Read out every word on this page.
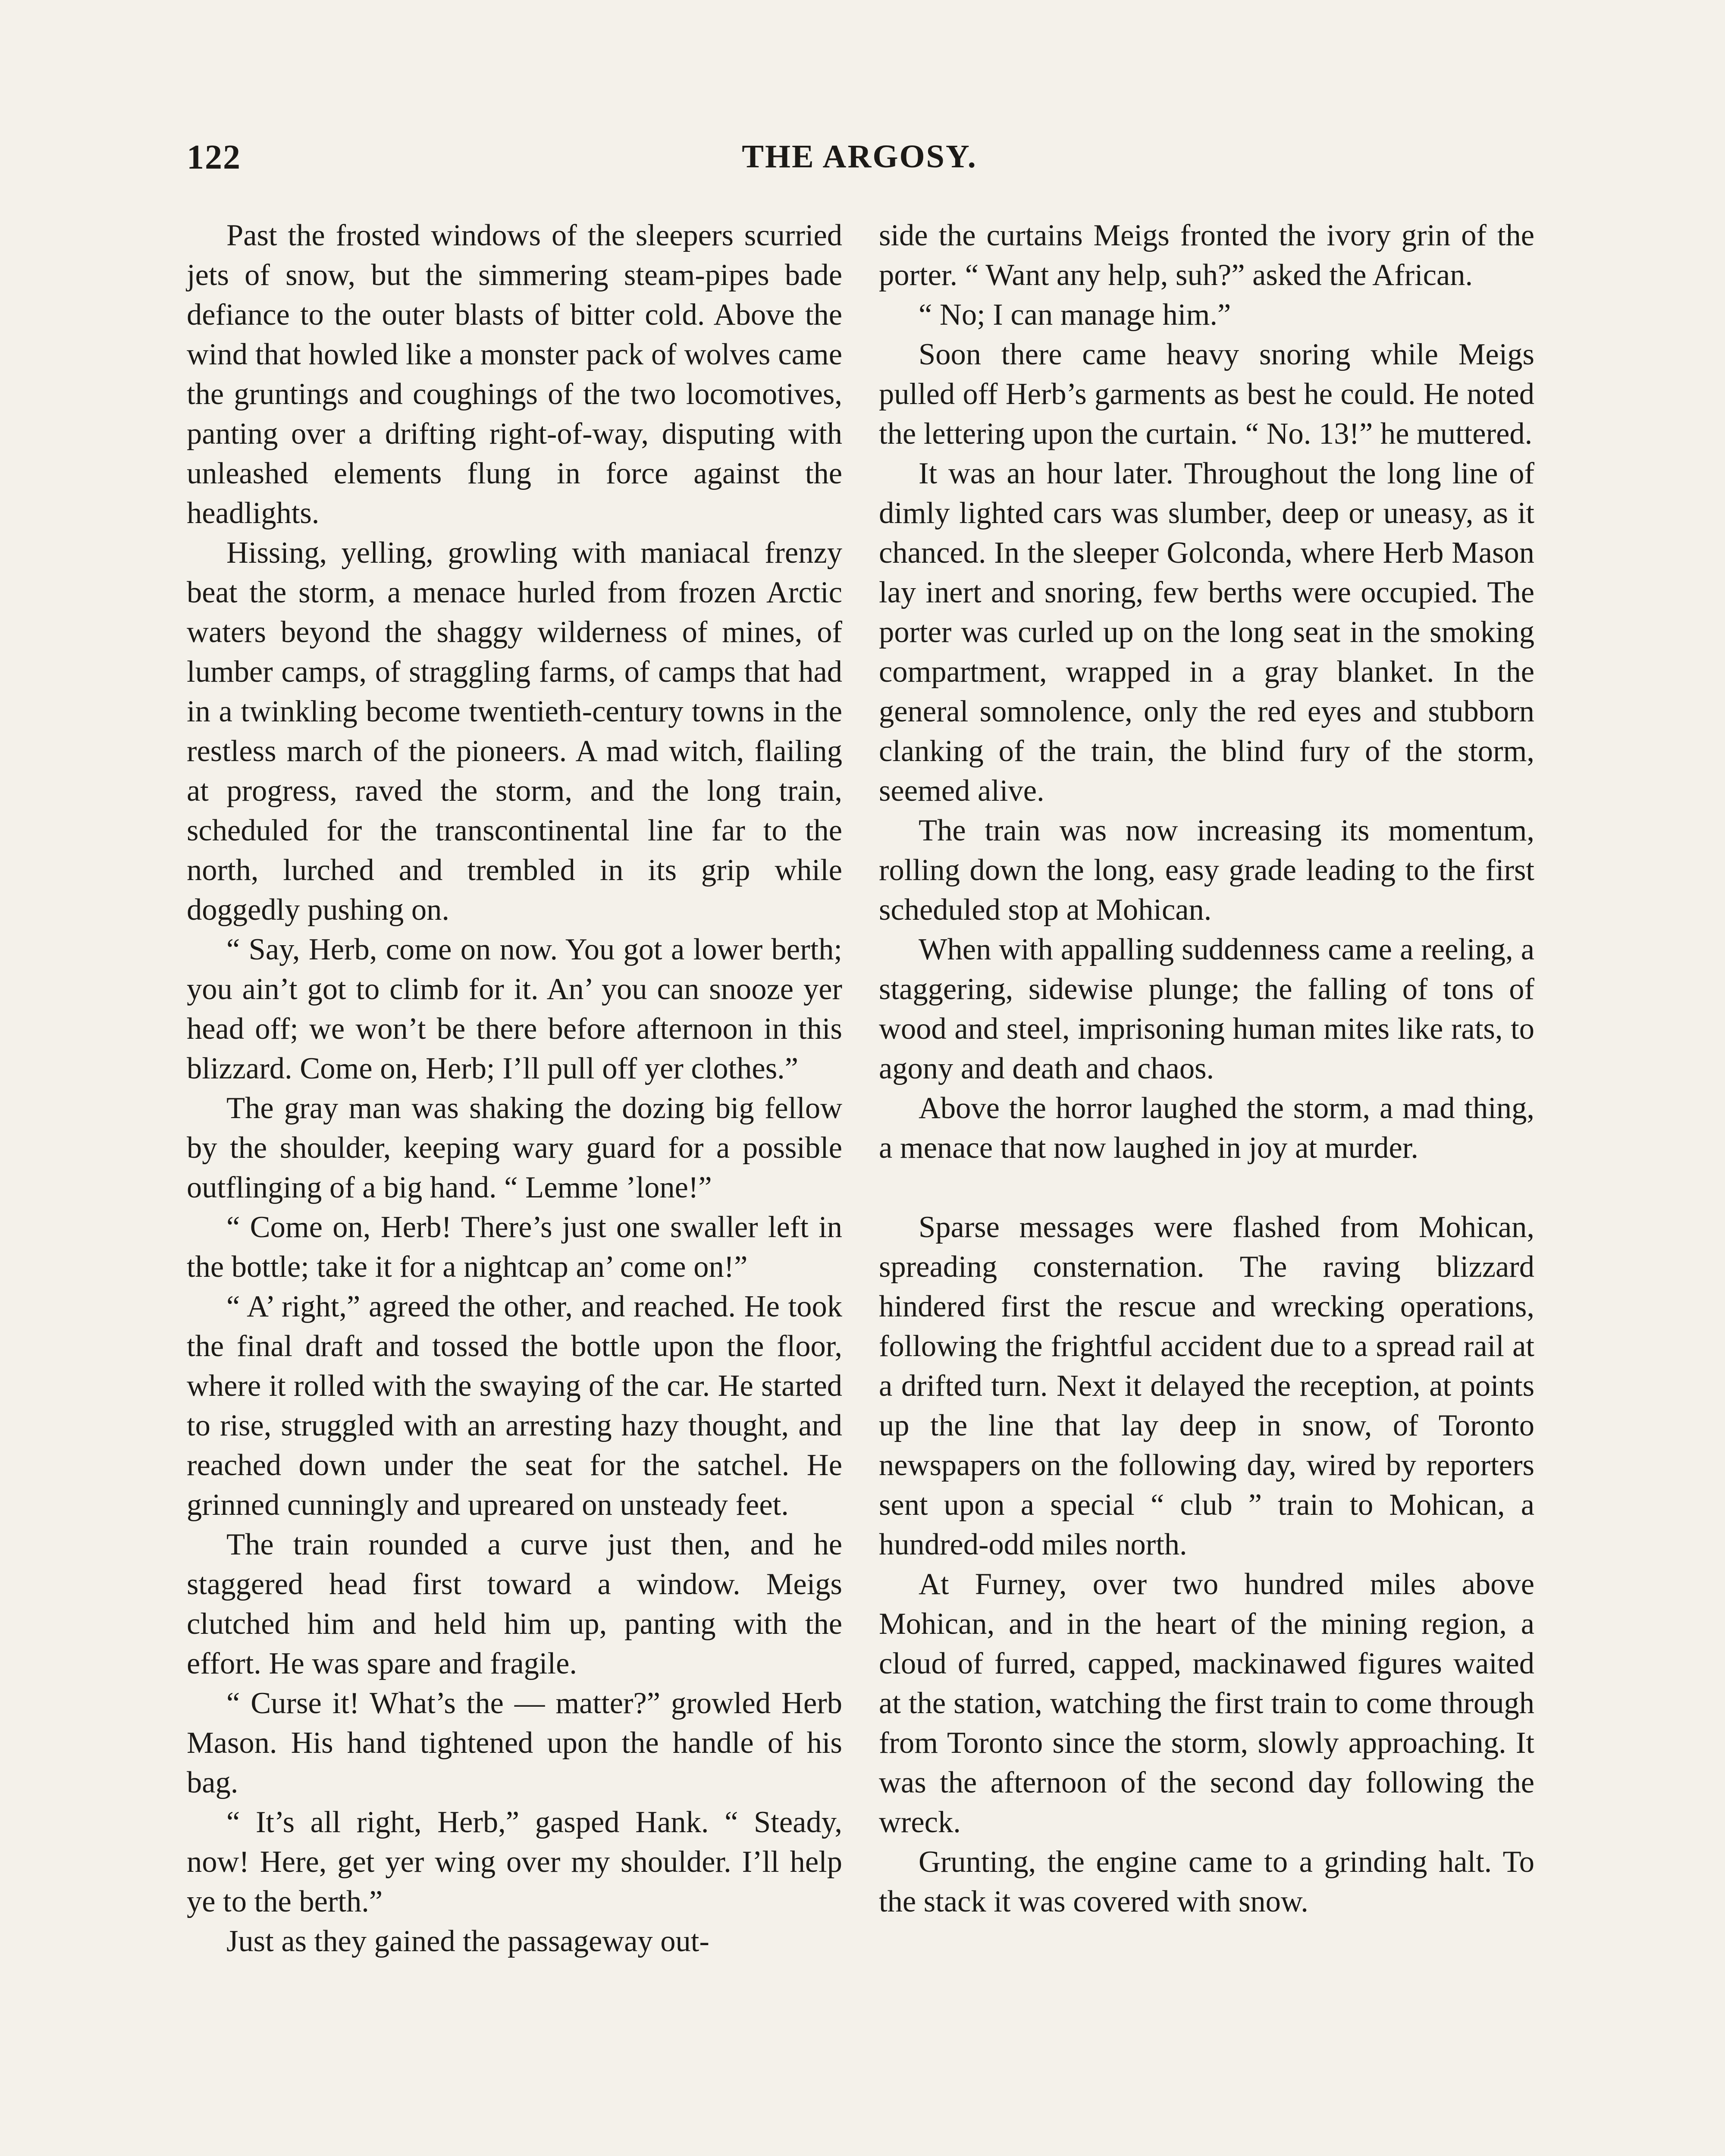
122	THE ARGOSY.

Past the frosted windows of the sleepers scurried jets of snow, but the simmering steam-pipes bade defiance to the outer blasts of bitter cold. Above the wind that howled like a monster pack of wolves came the gruntings and coughings of the two locomotives, panting over a drifting right-of-way, disputing with unleashed elements flung in force against the headlights.

Hissing, yelling, growling with maniacal frenzy beat the storm, a menace hurled from frozen Arctic waters beyond the shaggy wilderness of mines, of lumber camps, of straggling farms, of camps that had in a twinkling become twentieth-century towns in the restless march of the pioneers. A mad witch, flailing at progress, raved the storm, and the long train, scheduled for the transcontinental line far to the north, lurched and trembled in its grip while doggedly pushing on.

“ Say, Herb, come on now. You got a lower berth; you ain’t got to climb for it. An’ you can snooze yer head off; we won’t be there before afternoon in this blizzard. Come on, Herb; I’ll pull off yer clothes.”

The gray man was shaking the dozing big fellow by the shoulder, keeping wary guard for a possible outflinging of a big hand. “ Lemme ’lone!”

“ Come on, Herb! There’s just one swaller left in the bottle; take it for a nightcap an’ come on!”

“ A’ right,” agreed the other, and reached. He took the final draft and tossed the bottle upon the floor, where it rolled with the swaying of the car. He started to rise, struggled with an arresting hazy thought, and reached down under the seat for the satchel. He grinned cunningly and upreared on unsteady feet.

The train rounded a curve just then, and he staggered head first toward a window. Meigs clutched him and held him up, panting with the effort. He was spare and fragile.

“ Curse it! What’s the — matter?” growled Herb Mason. His hand tightened upon the handle of his bag.

“ It’s all right, Herb,” gasped Hank. “ Steady, now! Here, get yer wing over my shoulder. I’ll help ye to the berth.”

Just as they gained the passageway out-

side the curtains Meigs fronted the ivory grin of the porter. “ Want any help, suh?” asked the African.

“ No; I can manage him.”

Soon there came heavy snoring while Meigs pulled off Herb’s garments as best he could. He noted the lettering upon the curtain. “ No. 13!” he muttered.

It was an hour later. Throughout the long line of dimly lighted cars was slumber, deep or uneasy, as it chanced. In the sleeper Golconda, where Herb Mason lay inert and snoring, few berths were occupied. The porter was curled up on the long seat in the smoking compartment, wrapped in a gray blanket. In the general somnolence, only the red eyes and stubborn clanking of the train, the blind fury of the storm, seemed alive.

The train was now increasing its momentum, rolling down the long, easy grade leading to the first scheduled stop at Mohican.

When with appalling suddenness came a reeling, a staggering, sidewise plunge; the falling of tons of wood and steel, imprisoning human mites like rats, to agony and death and chaos.

Above the horror laughed the storm, a mad thing, a menace that now laughed in joy at murder.

Sparse messages were flashed from Mohican, spreading consternation. The raving blizzard hindered first the rescue and wrecking operations, following the frightful accident due to a spread rail at a drifted turn. Next it delayed the reception, at points up the line that lay deep in snow, of Toronto newspapers on the following day, wired by reporters sent upon a special “ club ” train to Mohican, a hundred-odd miles north.

At Furney, over two hundred miles above Mohican, and in the heart of the mining region, a cloud of furred, capped, mackinawed figures waited at the station, watching the first train to come through from Toronto since the storm, slowly approaching. It was the afternoon of the second day following the wreck.

Grunting, the engine came to a grinding halt. To the stack it was covered with snow.
